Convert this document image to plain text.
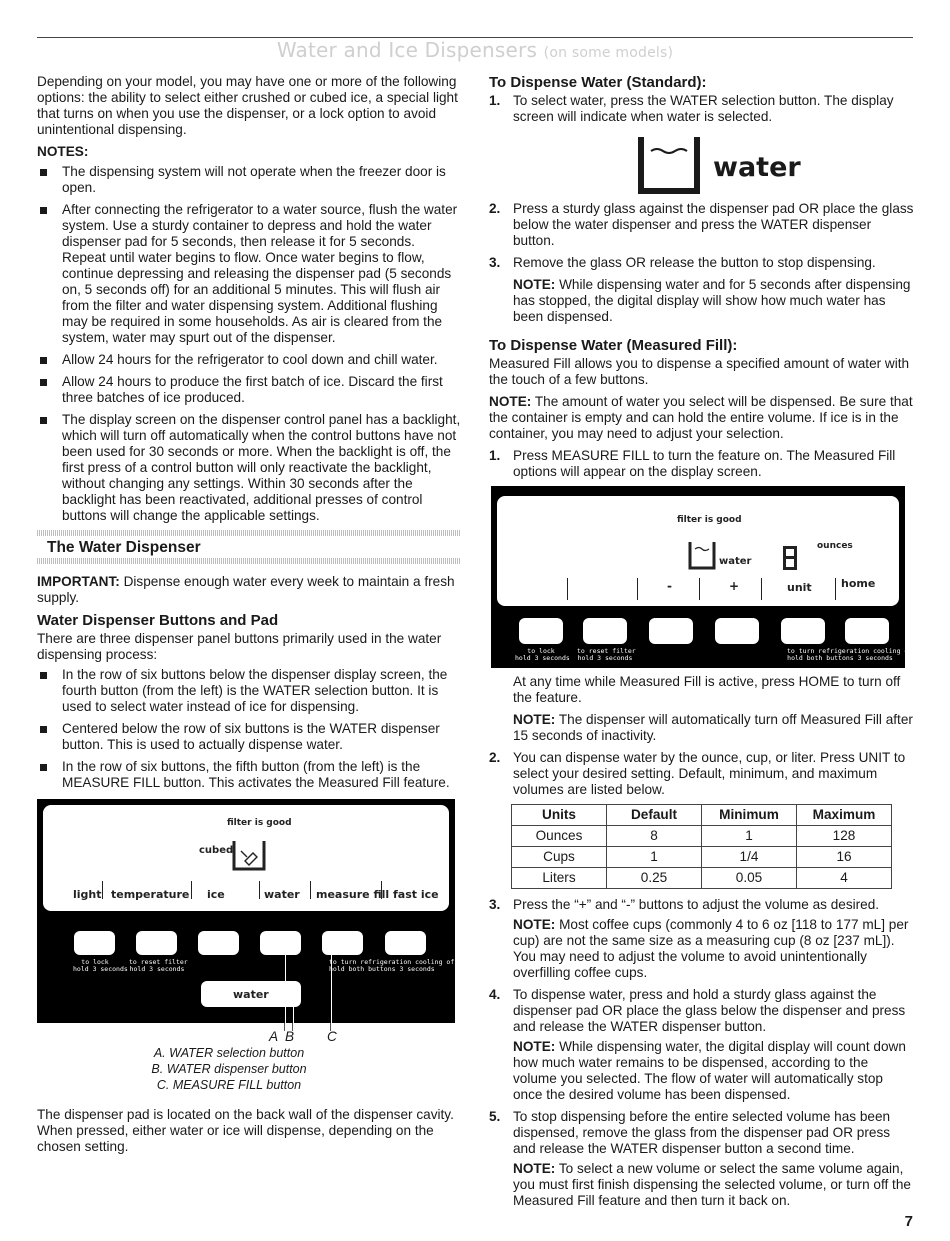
Water and Ice Dispensers (on some models)

Depending on your model, you may have one or more of the following options: the ability to select either crushed or cubed ice, a special light that turns on when you use the dispenser, or a lock option to avoid unintentional dispensing.

NOTES:
The dispensing system will not operate when the freezer door is open.
After connecting the refrigerator to a water source, flush the water system. Use a sturdy container to depress and hold the water dispenser pad for 5 seconds, then release it for 5 seconds. Repeat until water begins to flow. Once water begins to flow, continue depressing and releasing the dispenser pad (5 seconds on, 5 seconds off) for an additional 5 minutes. This will flush air from the filter and water dispensing system. Additional flushing may be required in some households. As air is cleared from the system, water may spurt out of the dispenser.
Allow 24 hours for the refrigerator to cool down and chill water.
Allow 24 hours to produce the first batch of ice. Discard the first three batches of ice produced.
The display screen on the dispenser control panel has a backlight, which will turn off automatically when the control buttons have not been used for 30 seconds or more. When the backlight is off, the first press of a control button will only reactivate the backlight, without changing any settings. Within 30 seconds after the backlight has been reactivated, additional presses of control buttons will change the applicable settings.
The Water Dispenser

IMPORTANT: Dispense enough water every week to maintain a fresh supply.

Water Dispenser Buttons and Pad

There are three dispenser panel buttons primarily used in the water dispensing process:

In the row of six buttons below the dispenser display screen, the fourth button (from the left) is the WATER selection button. It is used to select water instead of ice for dispensing.
Centered below the row of six buttons is the WATER dispenser button. This is used to actually dispense water.
In the row of six buttons, the fifth button (from the left) is the MEASURE FILL button. This activates the Measured Fill feature.
filter is good
cubed
light temperature ice	water measure fill fast ice
to lock
hold 3 seconds
to reset filter
hold 3 seconds
to turn refrigeration cooling off
hold both buttons 3 seconds
water
A B C
A. WATER selection button
B. WATER dispenser button
C. MEASURE FILL button

The dispenser pad is located on the back wall of the dispenser cavity. When pressed, either water or ice will dispense, depending on the chosen setting.

To Dispense Water (Standard):
1. To select water, press the WATER selection button. The display screen will indicate when water is selected.
water
2. Press a sturdy glass against the dispenser pad OR place the glass below the water dispenser and press the WATER dispenser button.
3. Remove the glass OR release the button to stop dispensing.
NOTE: While dispensing water and for 5 seconds after dispensing has stopped, the digital display will show how much water has been dispensed.
To Dispense Water (Measured Fill):

Measured Fill allows you to dispense a specified amount of water with the touch of a few buttons.

NOTE: The amount of water you select will be dispensed. Be sure that the container is empty and can hold the entire volume. If ice is in the container, you may need to adjust your selection.

1. Press MEASURE FILL to turn the feature on. The Measured Fill options will appear on the display screen.
filter is good
water
ounces
-	+	unit	home
to lock
hold 3 seconds
to reset filter
hold 3 seconds
to turn refrigeration cooling off
hold both buttons 3 seconds

At any time while Measured Fill is active, press HOME to turn off the feature.

NOTE: The dispenser will automatically turn off Measured Fill after 15 seconds of inactivity.

2. You can dispense water by the ounce, cup, or liter. Press UNIT to select your desired setting. Default, minimum, and maximum volumes are listed below.
Units	Default	Minimum	Maximum
Ounces	8	1	128
Cups	1	1/4	16
Liters	0.25	0.05	4
3. Press the “+” and “-” buttons to adjust the volume as desired.
NOTE: Most coffee cups (commonly 4 to 6 oz [118 to 177 mL] per cup) are not the same size as a measuring cup (8 oz [237 mL]). You may need to adjust the volume to avoid unintentionally overfilling coffee cups.
4. To dispense water, press and hold a sturdy glass against the dispenser pad OR place the glass below the dispenser and press and release the WATER dispenser button.
NOTE: While dispensing water, the digital display will count down how much water remains to be dispensed, according to the volume you selected. The flow of water will automatically stop once the desired volume has been dispensed.
5. To stop dispensing before the entire selected volume has been dispensed, remove the glass from the dispenser pad OR press and release the WATER dispenser button a second time.
NOTE: To select a new volume or select the same volume again, you must first finish dispensing the selected volume, or turn off the Measured Fill feature and then turn it back on.
7
